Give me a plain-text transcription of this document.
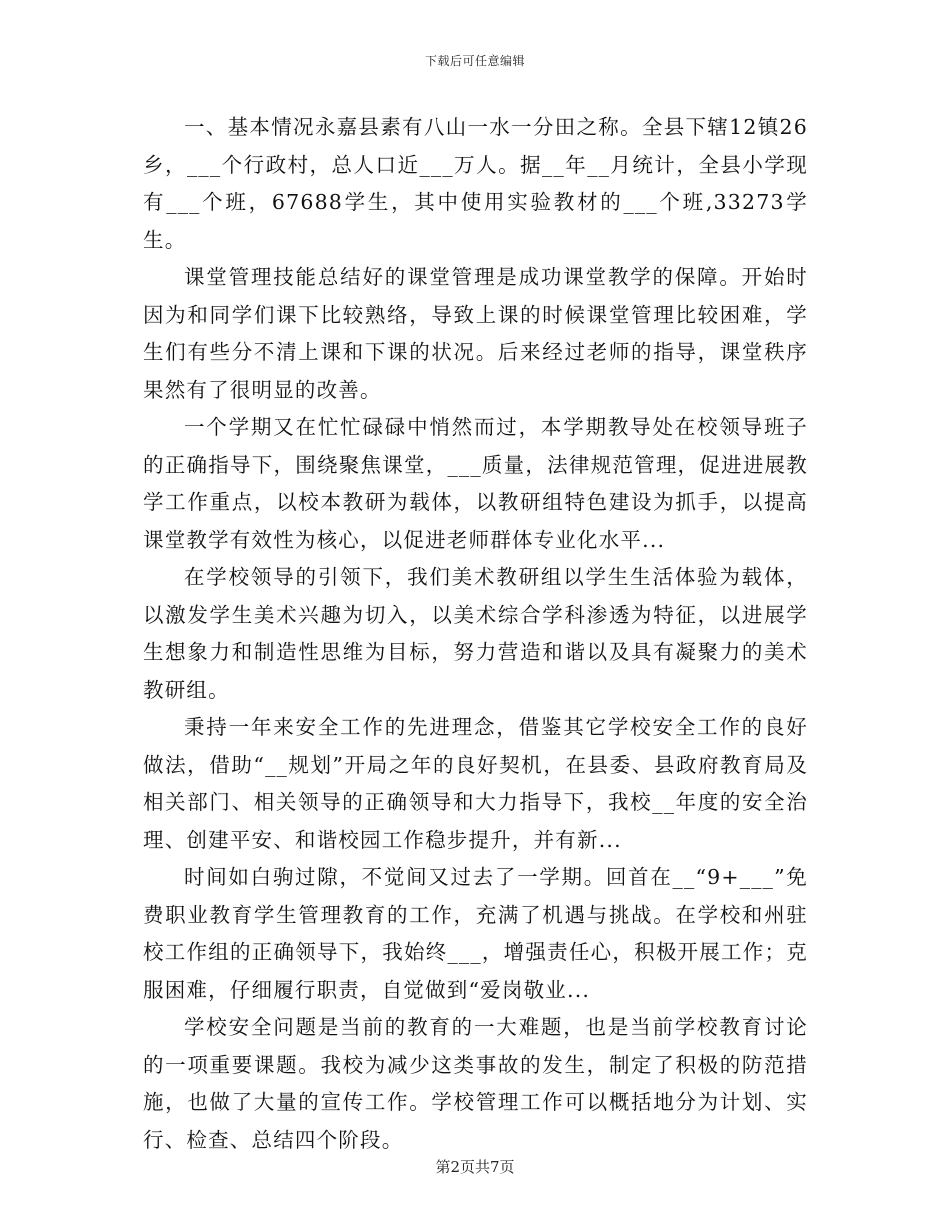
下载后可任意编辑

一、基本情况永嘉县素有八山一水一分田之称。全县下辖12镇26乡，___个行政村，总人口近___万人。据__年__月统计，全县小学现有___个班，67688学生，其中使用实验教材的___个班,33273学生。

课堂管理技能总结好的课堂管理是成功课堂教学的保障。开始时因为和同学们课下比较熟络，导致上课的时候课堂管理比较困难，学生们有些分不清上课和下课的状况。后来经过老师的指导，课堂秩序果然有了很明显的改善。

一个学期又在忙忙碌碌中悄然而过，本学期教导处在校领导班子的正确指导下，围绕聚焦课堂，___质量，法律规范管理，促进进展教学工作重点，以校本教研为载体，以教研组特色建设为抓手，以提高课堂教学有效性为核心，以促进老师群体专业化水平...

在学校领导的引领下，我们美术教研组以学生生活体验为载体，以激发学生美术兴趣为切入，以美术综合学科渗透为特征，以进展学生想象力和制造性思维为目标，努力营造和谐以及具有凝聚力的美术教研组。

秉持一年来安全工作的先进理念，借鉴其它学校安全工作的良好做法，借助“__规划”开局之年的良好契机，在县委、县政府教育局及相关部门、相关领导的正确领导和大力指导下，我校__年度的安全治理、创建平安、和谐校园工作稳步提升，并有新...

时间如白驹过隙，不觉间又过去了一学期。回首在__“9+___”免费职业教育学生管理教育的工作，充满了机遇与挑战。在学校和州驻校工作组的正确领导下，我始终___，增强责任心，积极开展工作；克服困难，仔细履行职责，自觉做到“爱岗敬业...

学校安全问题是当前的教育的一大难题，也是当前学校教育讨论的一项重要课题。我校为减少这类事故的发生，制定了积极的防范措施，也做了大量的宣传工作。学校管理工作可以概括地分为计划、实行、检查、总结四个阶段。

第2页共7页
